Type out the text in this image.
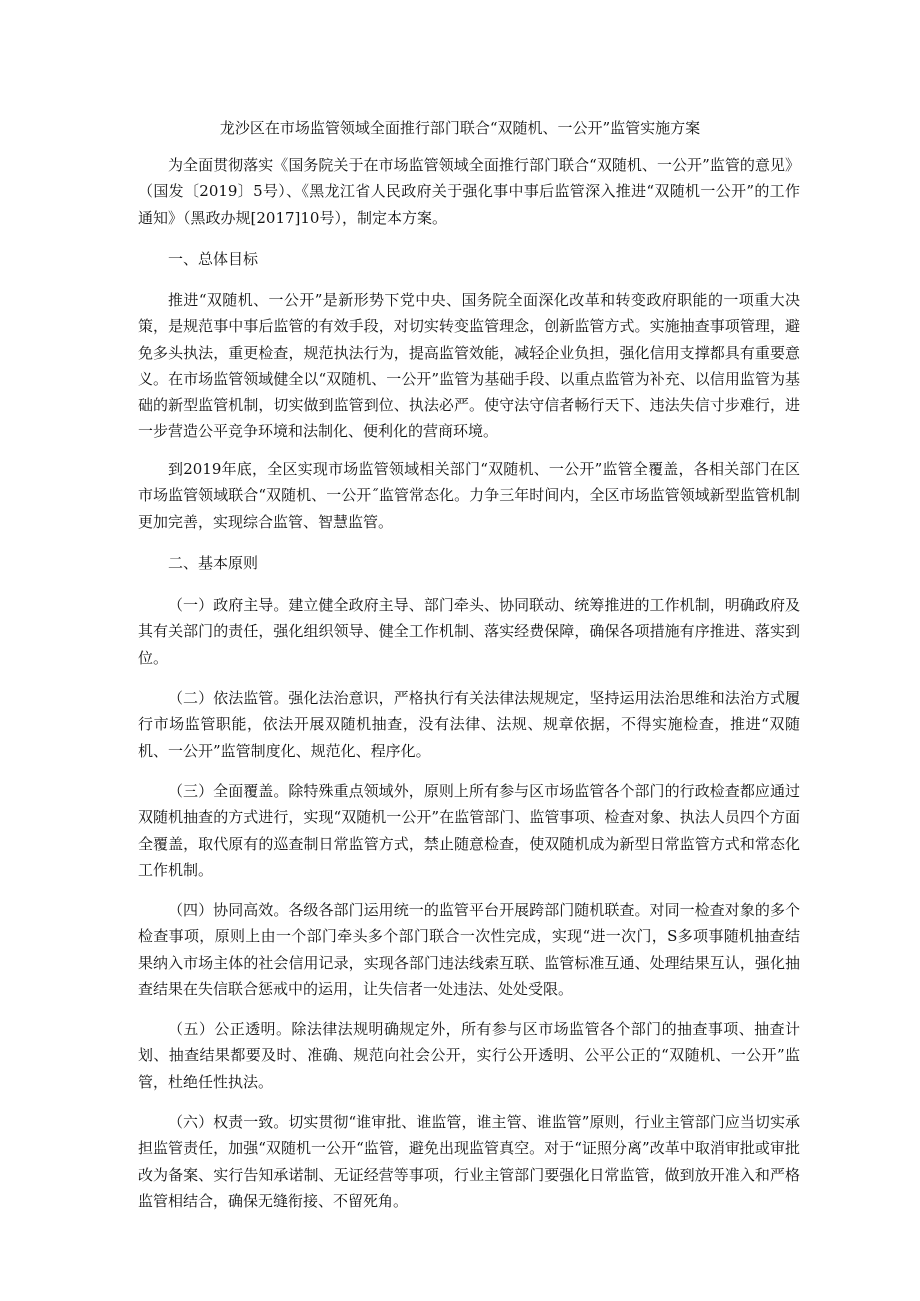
龙沙区在市场监管领域全面推行部门联合“双随机、一公开”监管实施方案

为全面贯彻落实《国务院关于在市场监管领域全面推行部门联合“双随机、一公开”监管的意见》（国发〔2019〕5号）、《黑龙江省人民政府关于强化事中事后监管深入推进“双随机一公开”的工作通知》（黑政办规[2017]10号），制定本方案。

一、总体目标

推进“双随机、一公开”是新形势下党中央、国务院全面深化改革和转变政府职能的一项重大决策，是规范事中事后监管的有效手段，对切实转变监管理念，创新监管方式。实施抽查事项管理，避免多头执法，重更检查，规范执法行为，提高监管效能，减轻企业负担，强化信用支撑都具有重要意义。在市场监管领域健全以“双随机、一公开”监管为基础手段、以重点监管为补充、以信用监管为基础的新型监管机制，切实做到监管到位、执法必严。使守法守信者畅行天下、违法失信寸步难行，进一步营造公平竞争环境和法制化、便利化的营商环境。

到2019年底，全区实现市场监管领域相关部门“双随机、一公开”监管全覆盖，各相关部门在区市场监管领域联合“双随机、一公开˝监管常态化。力争三年时间内，全区市场监管领域新型监管机制更加完善，实现综合监管、智慧监管。

二、基本原则

（一）政府主导。建立健全政府主导、部门牵头、协同联动、统筹推进的工作机制，明确政府及其有关部门的责任，强化组织领导、健全工作机制、落实经费保障，确保各项措施有序推进、落实到位。

（二）依法监管。强化法治意识，严格执行有关法律法规规定，坚持运用法治思维和法治方式履行市场监管职能，依法开展双随机抽查，没有法律、法规、规章依据，不得实施检查，推进“双随机、一公开”监管制度化、规范化、程序化。

（三）全面覆盖。除特殊重点领域外，原则上所有参与区市场监管各个部门的行政检查都应通过双随机抽查的方式进行，实现“双随机一公开”在监管部门、监管事项、检查对象、执法人员四个方面全覆盖，取代原有的巡查制日常监管方式，禁止随意检查，使双随机成为新型日常监管方式和常态化工作机制。

（四）协同高效。各级各部门运用统一的监管平台开展跨部门随机联查。对同一检查对象的多个检查事项，原则上由一个部门牵头多个部门联合一次性完成，实现“进一次门，S多项事随机抽查结果纳入市场主体的社会信用记录，实现各部门违法线索互联、监管标准互通、处理结果互认，强化抽查结果在失信联合惩戒中的运用，让失信者一处违法、处处受限。

（五）公正透明。除法律法规明确规定外，所有参与区市场监管各个部门的抽查事项、抽查计划、抽查结果都要及时、准确、规范向社会公开，实行公开透明、公平公正的“双随机、一公开”监管，杜绝任性执法。

（六）权责一致。切实贯彻“谁审批、谁监管，谁主管、谁监管”原则，行业主管部门应当切实承担监管责任，加强“双随机一公开“监管，避免出现监管真空。对于“证照分离”改革中取消审批或审批改为备案、实行告知承诺制、无证经营等事项，行业主管部门要强化日常监管，做到放开准入和严格监管相结合，确保无缝衔接、不留死角。
